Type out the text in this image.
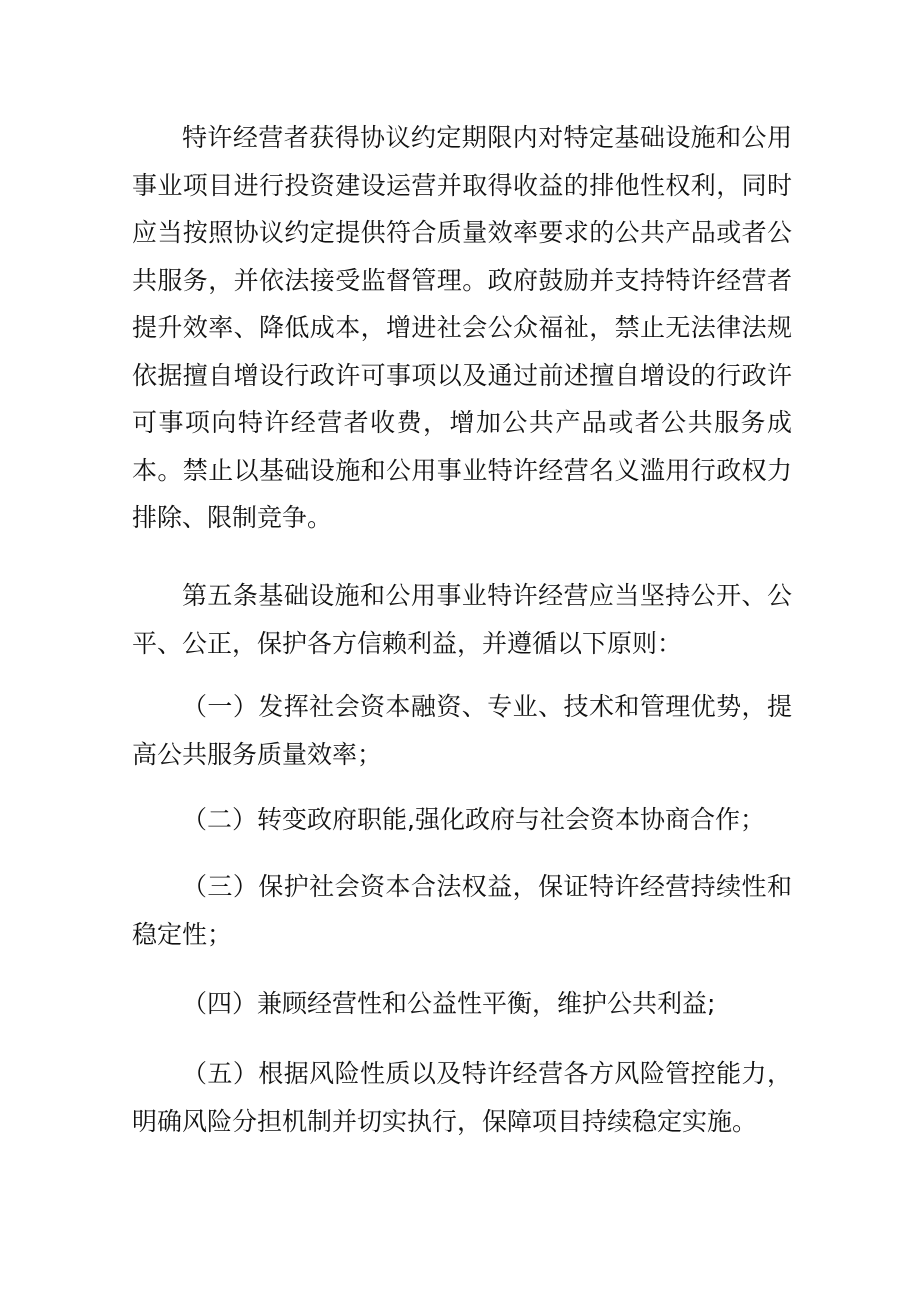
特许经营者获得协议约定期限内对特定基础设施和公用事业项目进行投资建设运营并取得收益的排他性权利，同时应当按照协议约定提供符合质量效率要求的公共产品或者公共服务，并依法接受监督管理。政府鼓励并支持特许经营者提升效率、降低成本，增进社会公众福祉，禁止无法律法规依据擅自增设行政许可事项以及通过前述擅自增设的行政许可事项向特许经营者收费，增加公共产品或者公共服务成本。禁止以基础设施和公用事业特许经营名义滥用行政权力排除、限制竞争。

第五条基础设施和公用事业特许经营应当坚持公开、公平、公正，保护各方信赖利益，并遵循以下原则：

（一）发挥社会资本融资、专业、技术和管理优势，提高公共服务质量效率；

（二）转变政府职能,强化政府与社会资本协商合作；

（三）保护社会资本合法权益，保证特许经营持续性和稳定性；

（四）兼顾经营性和公益性平衡，维护公共利益;

（五）根据风险性质以及特许经营各方风险管控能力，明确风险分担机制并切实执行，保障项目持续稳定实施。
